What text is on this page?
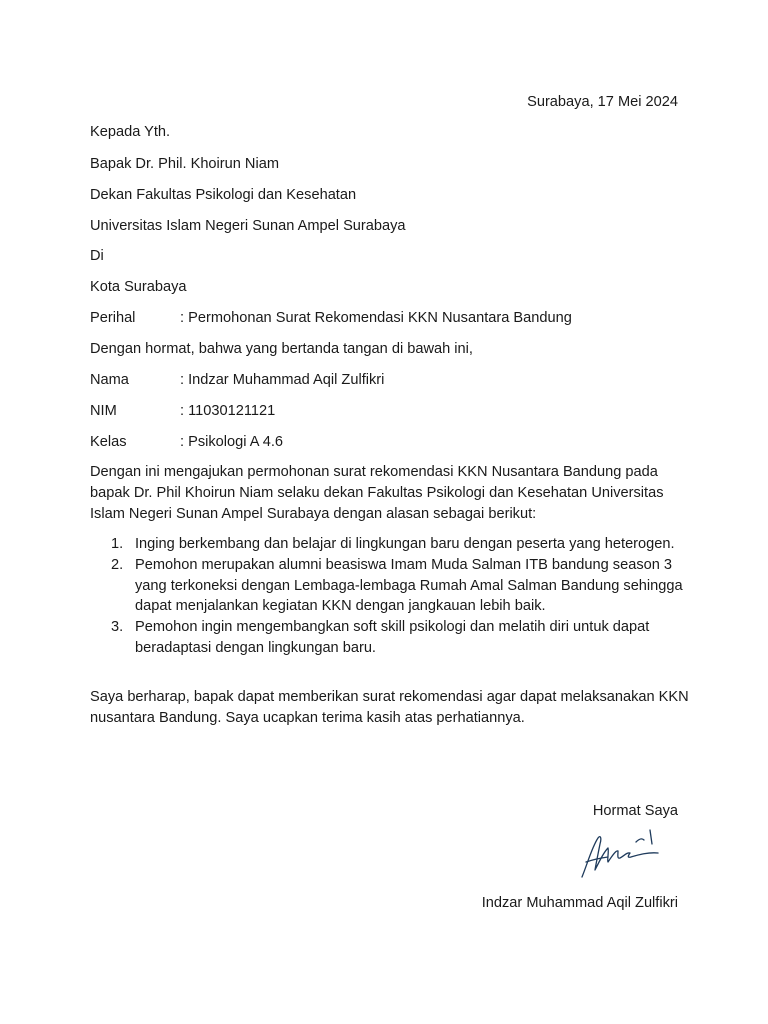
Surabaya, 17 Mei 2024
Kepada Yth.
Bapak Dr. Phil. Khoirun Niam
Dekan Fakultas Psikologi dan Kesehatan
Universitas Islam Negeri Sunan Ampel Surabaya
Di
Kota Surabaya
Perihal	: Permohonan Surat Rekomendasi KKN Nusantara Bandung
Dengan hormat, bahwa yang bertanda tangan di bawah ini,
Nama	: Indzar Muhammad Aqil Zulfikri
NIM	: 11030121121
Kelas	: Psikologi A 4.6
Dengan ini mengajukan permohonan surat rekomendasi KKN Nusantara Bandung pada bapak Dr. Phil Khoirun Niam selaku dekan Fakultas Psikologi dan Kesehatan Universitas Islam Negeri Sunan Ampel Surabaya dengan alasan sebagai berikut:
1. Inging berkembang dan belajar di lingkungan baru dengan peserta yang heterogen.
2. Pemohon merupakan alumni beasiswa Imam Muda Salman ITB bandung season 3 yang terkoneksi dengan Lembaga-lembaga Rumah Amal Salman Bandung sehingga dapat menjalankan kegiatan KKN dengan jangkauan lebih baik.
3. Pemohon ingin mengembangkan soft skill psikologi dan melatih diri untuk dapat beradaptasi dengan lingkungan baru.
Saya berharap, bapak dapat memberikan surat rekomendasi agar dapat melaksanakan KKN nusantara Bandung. Saya ucapkan terima kasih atas perhatiannya.
Hormat Saya
Indzar Muhammad Aqil Zulfikri
